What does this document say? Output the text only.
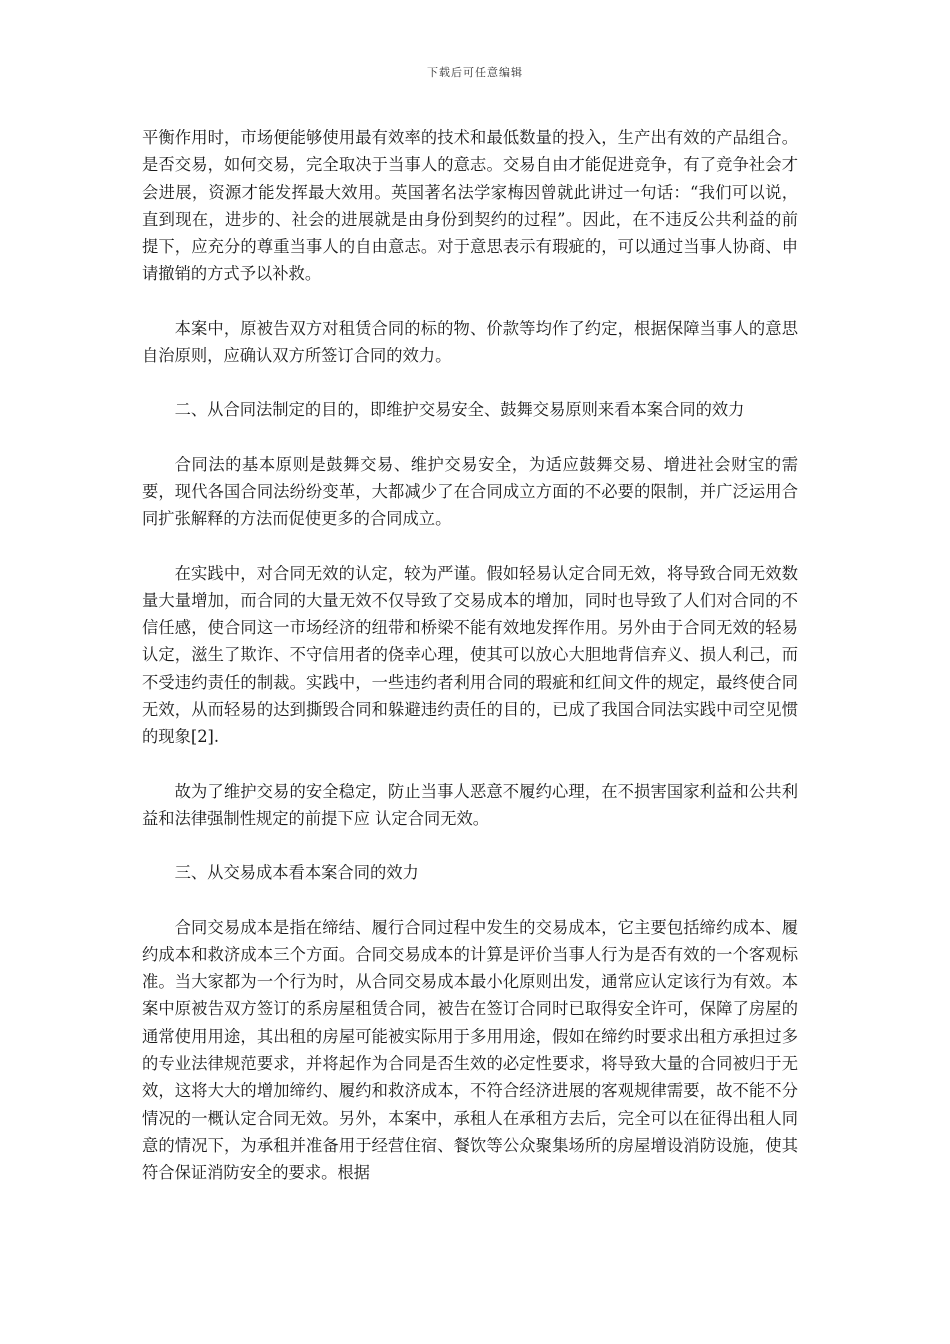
下载后可任意编辑

平衡作用时，市场便能够使用最有效率的技术和最低数量的投入，生产出有效的产品组合。是否交易，如何交易，完全取决于当事人的意志。交易自由才能促进竞争，有了竞争社会才会进展，资源才能发挥最大效用。英国著名法学家梅因曾就此讲过一句话：“我们可以说，直到现在，进步的、社会的进展就是由身份到契约的过程”。因此，在不违反公共利益的前提下，应充分的尊重当事人的自由意志。对于意思表示有瑕疵的，可以通过当事人协商、申请撤销的方式予以补救。

本案中，原被告双方对租赁合同的标的物、价款等均作了约定，根据保障当事人的意思自治原则，应确认双方所签订合同的效力。

二、从合同法制定的目的，即维护交易安全、鼓舞交易原则来看本案合同的效力

合同法的基本原则是鼓舞交易、维护交易安全，为适应鼓舞交易、增进社会财宝的需要，现代各国合同法纷纷变革，大都减少了在合同成立方面的不必要的限制，并广泛运用合同扩张解释的方法而促使更多的合同成立。

在实践中，对合同无效的认定，较为严谨。假如轻易认定合同无效，将导致合同无效数量大量增加，而合同的大量无效不仅导致了交易成本的增加，同时也导致了人们对合同的不信任感，使合同这一市场经济的纽带和桥梁不能有效地发挥作用。另外由于合同无效的轻易认定，滋生了欺诈、不守信用者的侥幸心理，使其可以放心大胆地背信弃义、损人利己，而不受违约责任的制裁。实践中，一些违约者利用合同的瑕疵和红间文件的规定，最终使合同无效，从而轻易的达到撕毁合同和躲避违约责任的目的，已成了我国合同法实践中司空见惯的现象[2].

故为了维护交易的安全稳定，防止当事人恶意不履约心理，在不损害国家利益和公共利益和法律强制性规定的前提下应 认定合同无效。

三、从交易成本看本案合同的效力

合同交易成本是指在缔结、履行合同过程中发生的交易成本，它主要包括缔约成本、履约成本和救济成本三个方面。合同交易成本的计算是评价当事人行为是否有效的一个客观标准。当大家都为一个行为时，从合同交易成本最小化原则出发，通常应认定该行为有效。本案中原被告双方签订的系房屋租赁合同，被告在签订合同时已取得安全许可，保障了房屋的通常使用用途，其出租的房屋可能被实际用于多用用途，假如在缔约时要求出租方承担过多的专业法律规范要求，并将起作为合同是否生效的必定性要求，将导致大量的合同被归于无效，这将大大的增加缔约、履约和救济成本，不符合经济进展的客观规律需要，故不能不分情况的一概认定合同无效。另外，本案中，承租人在承租方去后，完全可以在征得出租人同意的情况下，为承租并准备用于经营住宿、餐饮等公众聚集场所的房屋增设消防设施，使其符合保证消防安全的要求。根据
